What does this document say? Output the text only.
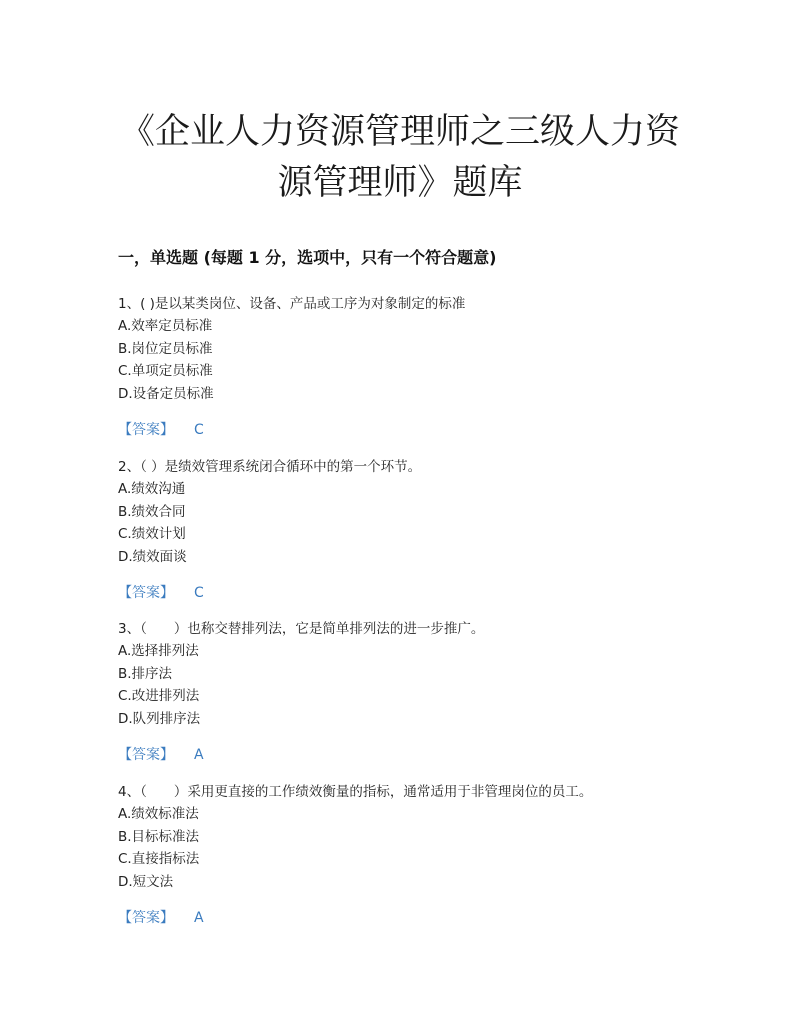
《企业人力资源管理师之三级人力资
源管理师》题库
一，单选题 (每题 1 分，选项中，只有一个符合题意)
1、( )是以某类岗位、设备、产品或工序为对象制定的标准
A.效率定员标准
B.岗位定员标准
C.单项定员标准
D.设备定员标准
【答案】 C
2、（ ）是绩效管理系统闭合循环中的第一个环节。
A.绩效沟通
B.绩效合同
C.绩效计划
D.绩效面谈
【答案】 C
3、（　　）也称交替排列法，它是简单排列法的进一步推广。
A.选择排列法
B.排序法
C.改进排列法
D.队列排序法
【答案】 A
4、（　　）采用更直接的工作绩效衡量的指标，通常适用于非管理岗位的员工。
A.绩效标准法
B.目标标准法
C.直接指标法
D.短文法
【答案】 A
